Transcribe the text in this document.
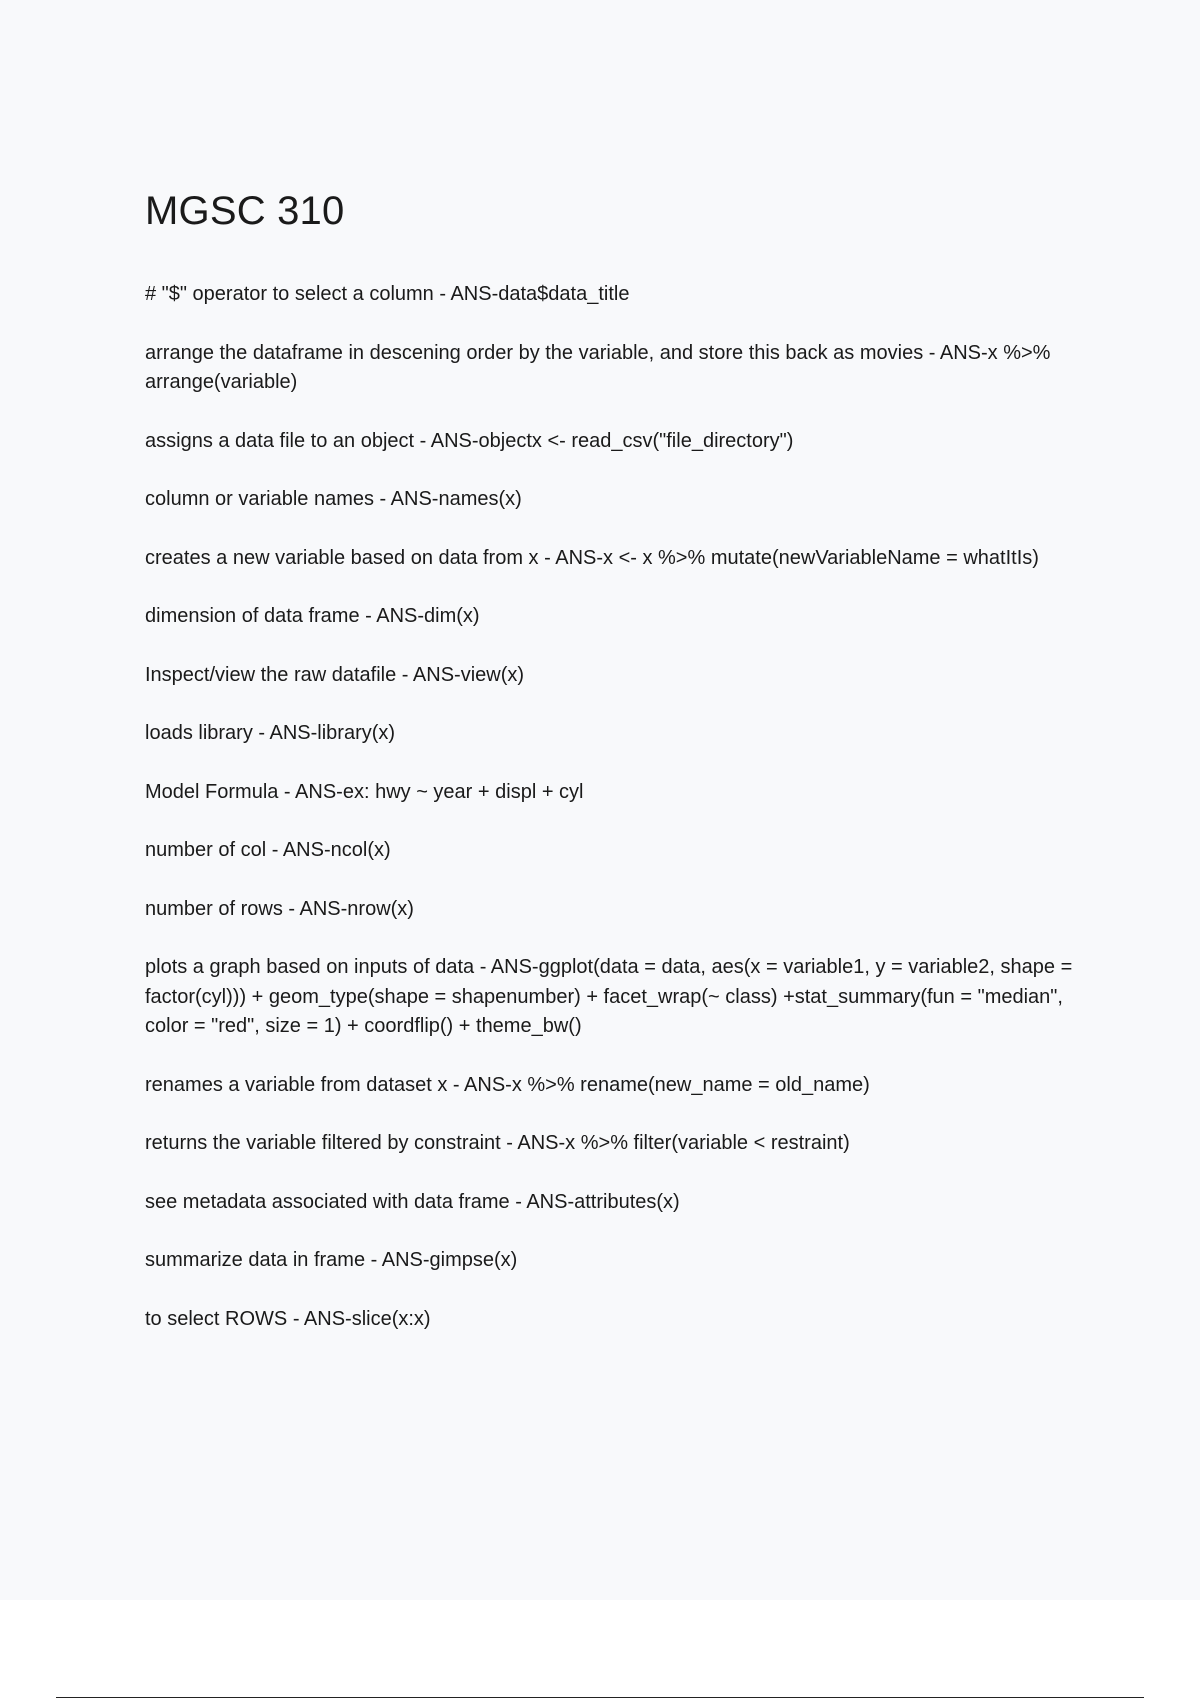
MGSC 310

# "$" operator to select a column - ANS-data$data_title

arrange the dataframe in descening order by the variable, and store this back as movies - ANS-x %>% arrange(variable)

assigns a data file to an object - ANS-objectx <- read_csv("file_directory")

column or variable names - ANS-names(x)

creates a new variable based on data from x - ANS-x <- x %>% mutate(newVariableName = whatItIs)

dimension of data frame - ANS-dim(x)

Inspect/view the raw datafile - ANS-view(x)

loads library - ANS-library(x)

Model Formula - ANS-ex: hwy ~ year + displ + cyl

number of col - ANS-ncol(x)

number of rows - ANS-nrow(x)

plots a graph based on inputs of data - ANS-ggplot(data = data, aes(x = variable1, y = variable2, shape = factor(cyl))) + geom_type(shape = shapenumber) + facet_wrap(~ class) +stat_summary(fun = "median", color = "red", size = 1) + coordflip() + theme_bw()

renames a variable from dataset x - ANS-x %>% rename(new_name = old_name)

returns the variable filtered by constraint - ANS-x %>% filter(variable < restraint)

see metadata associated with data frame - ANS-attributes(x)

summarize data in frame - ANS-gimpse(x)

to select ROWS - ANS-slice(x:x)
